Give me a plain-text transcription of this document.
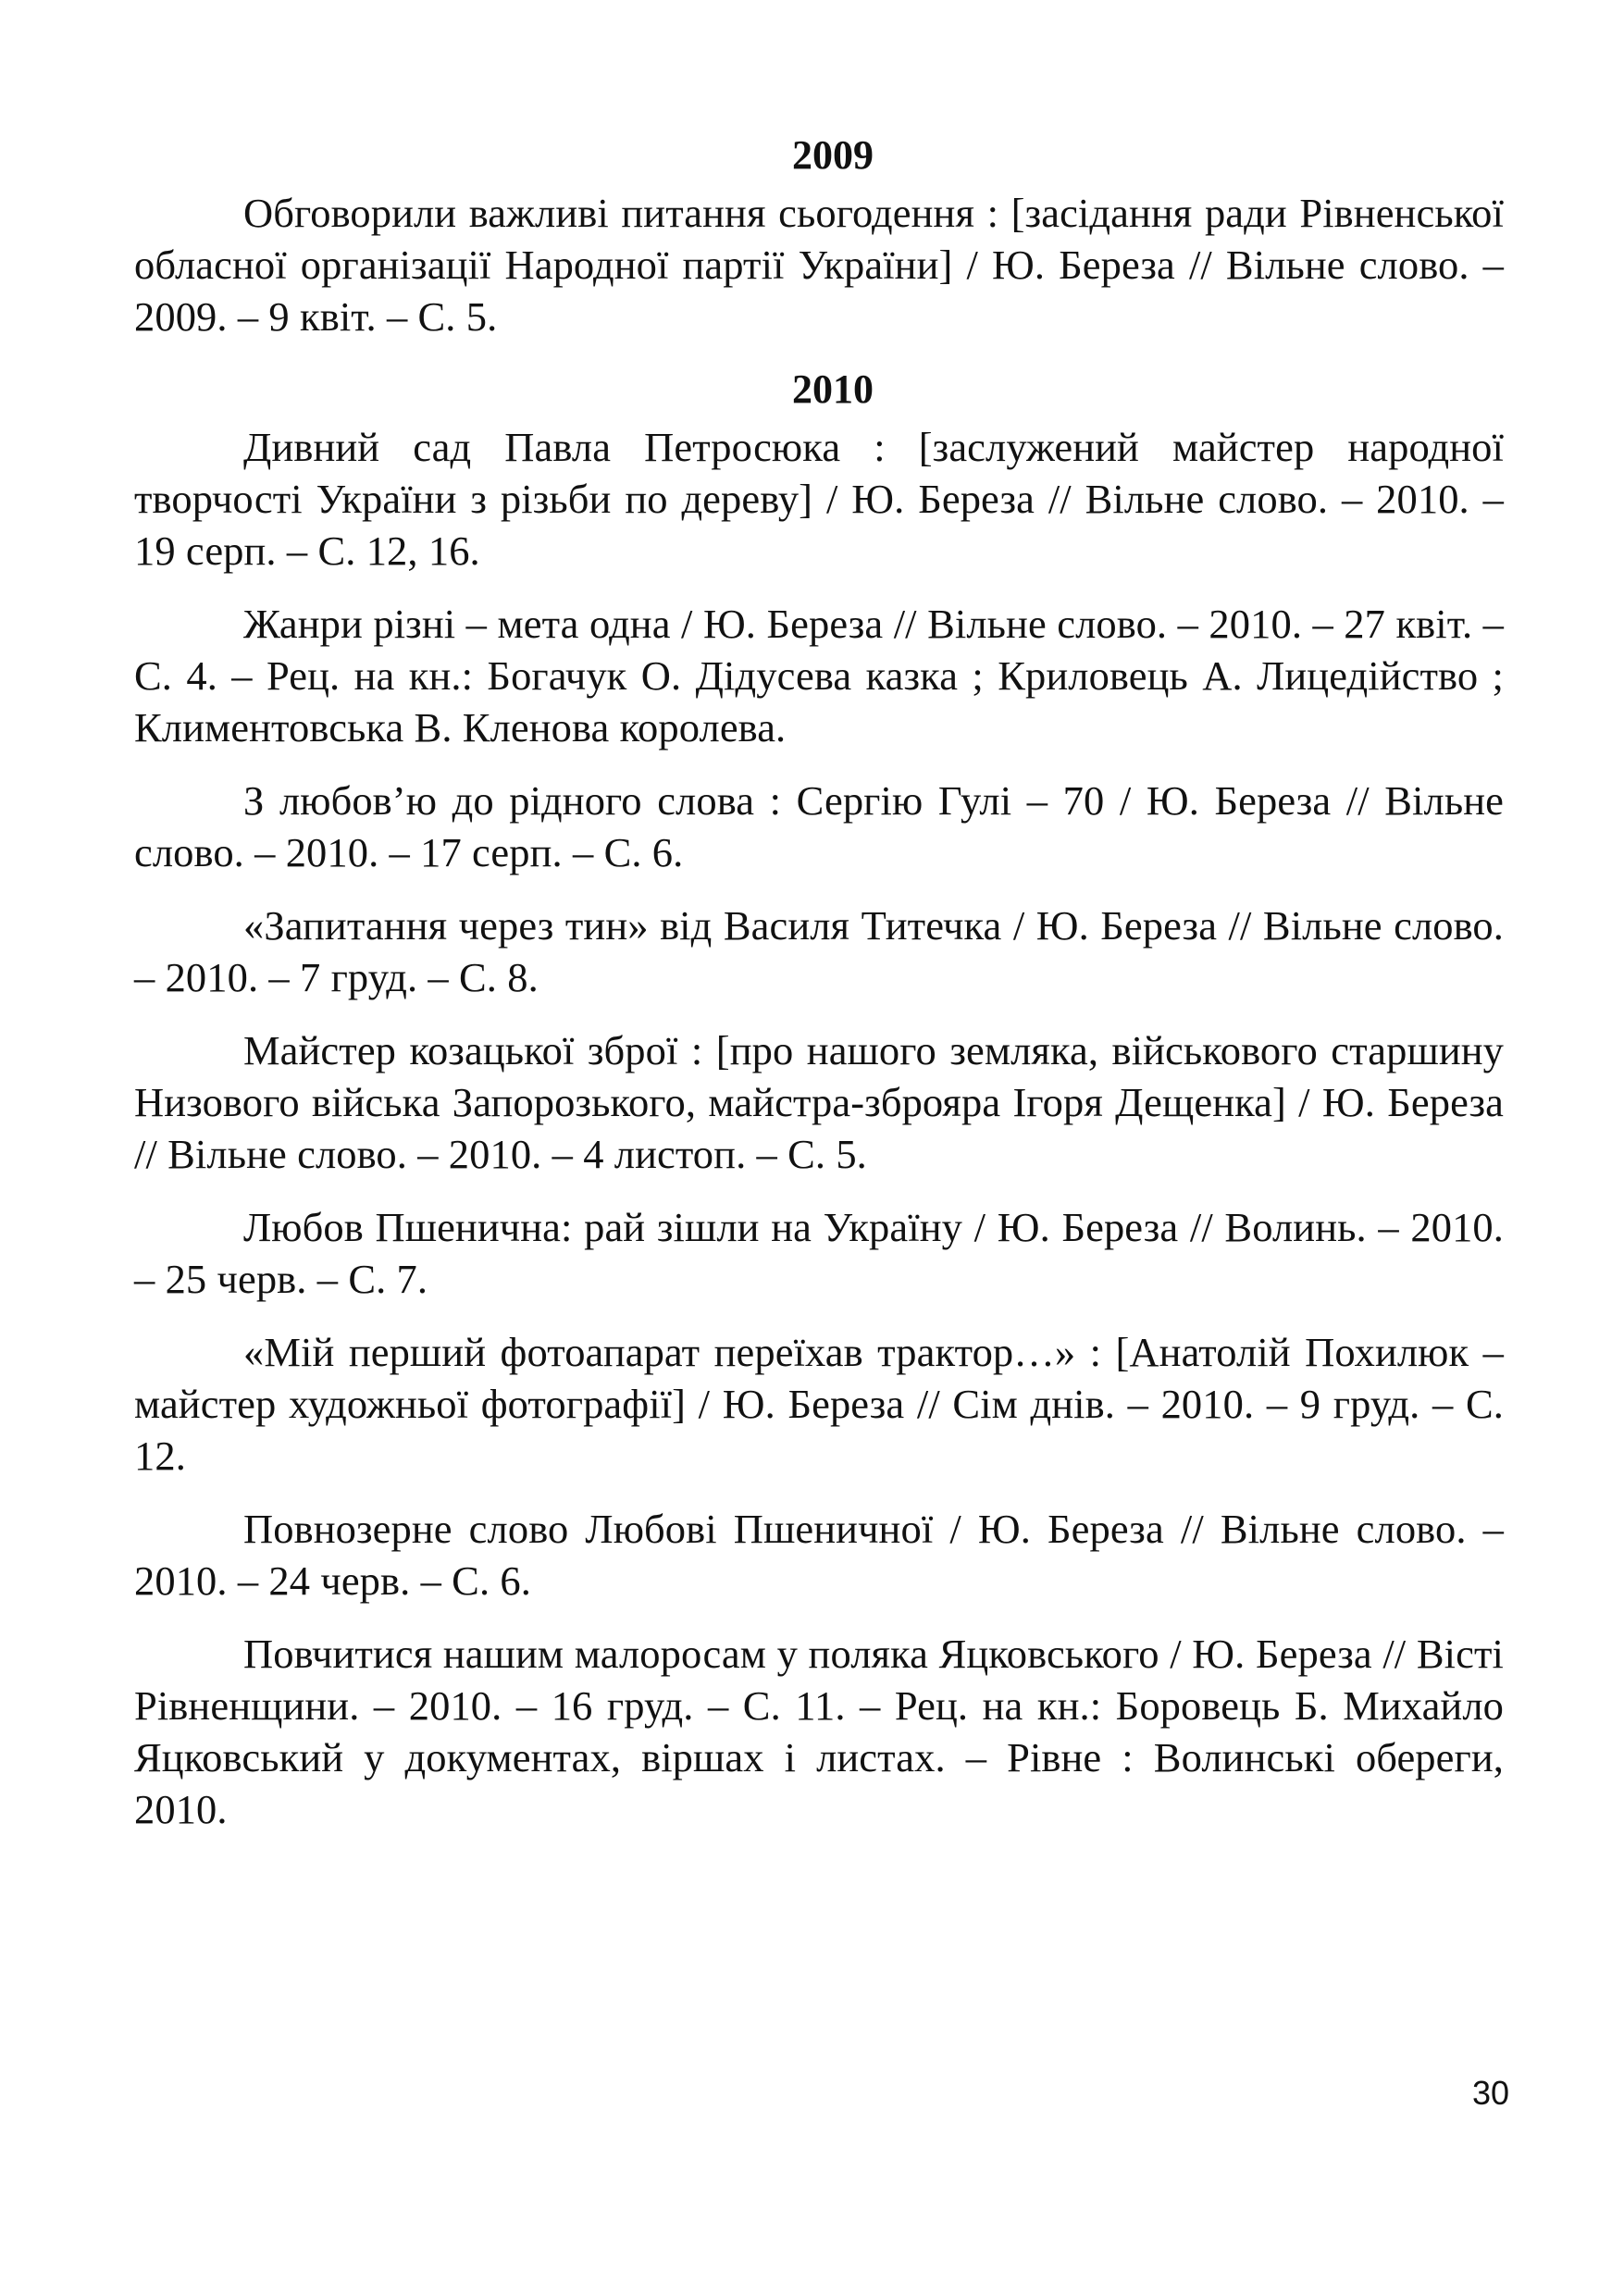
2009

Обговорили важливі питання сьогодення : [засідання ради Рівненської обласної організації Народної партії України] / Ю. Береза // Вільне слово. – 2009. – 9 квіт. – С. 5.

2010

Дивний сад Павла Петросюка : [заслужений майстер народної творчості України з різьби по дереву] / Ю. Береза // Вільне слово. – 2010. – 19 серп. – С. 12, 16.

Жанри різні – мета одна / Ю. Береза // Вільне слово. – 2010. – 27 квіт. – С. 4. – Рец. на кн.: Богачук О. Дідусева казка ; Криловець А. Лицедійство ; Климентовська В. Кленова королева.

З любов’ю до рідного слова : Сергію Гулі – 70 / Ю. Береза // Вільне слово. – 2010. – 17 серп. – С. 6.

«Запитання через тин» від Василя Титечка / Ю. Береза // Вільне слово. – 2010. – 7 груд. – С. 8.

Майстер козацької зброї : [про нашого земляка, військового старшину Низового війська Запорозького, майстра-зброяра Ігоря Дещенка] / Ю. Береза // Вільне слово. – 2010. – 4 листоп. – С. 5.

Любов Пшенична: рай зішли на Україну / Ю. Береза // Волинь. – 2010. – 25 черв. – С. 7.

«Мій перший фотоапарат переїхав трактор…» : [Анатолій Похилюк – майстер художньої фотографії] / Ю. Береза // Сім днів. – 2010. – 9 груд. – С. 12.

Повнозерне слово Любові Пшеничної / Ю. Береза // Вільне слово. – 2010. – 24 черв. – С. 6.

Повчитися нашим малоросам у поляка Яцковського / Ю. Береза // Вісті Рівненщини. – 2010. – 16 груд. – С. 11. – Рец. на кн.: Боровець Б. Михайло Яцковський у документах, віршах і листах. – Рівне : Волинські обереги, 2010.

30
